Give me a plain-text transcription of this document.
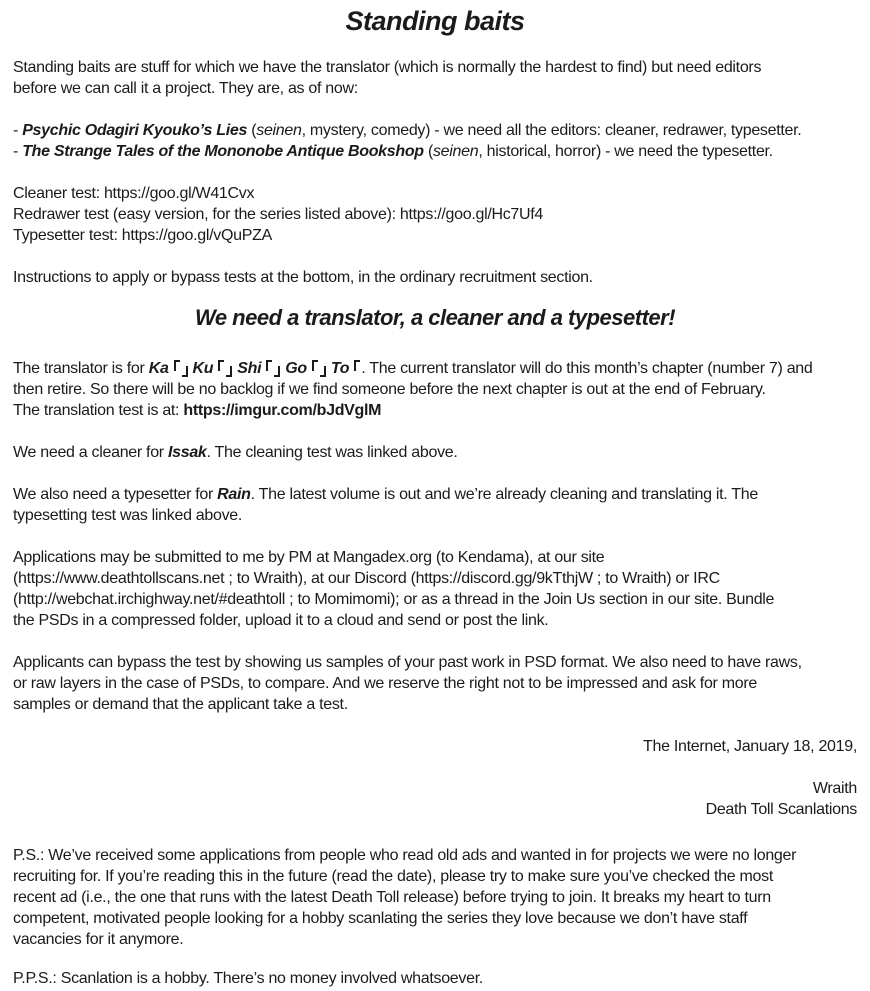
Standing baits
Standing baits are stuff for which we have the translator (which is normally the hardest to find) but need editors
before we can call it a project. They are, as of now:
- Psychic Odagiri Kyouko’s Lies (seinen, mystery, comedy) - we need all the editors: cleaner, redrawer, typesetter.
- The Strange Tales of the Mononobe Antique Bookshop (seinen, historical, horror) - we need the typesetter.
Cleaner test: https://goo.gl/W41Cvx
Redrawer test (easy version, for the series listed above): https://goo.gl/Hc7Uf4
Typesetter test: https://goo.gl/vQuPZA
Instructions to apply or bypass tests at the bottom, in the ordinary recruitment section.
We need a translator, a cleaner and a typesetter!
The translator is for Ka Ku Shi Go To . The current translator will do this month’s chapter (number 7) and
then retire. So there will be no backlog if we find someone before the next chapter is out at the end of February.
The translation test is at: https://imgur.com/bJdVglM
We need a cleaner for Issak. The cleaning test was linked above.
We also need a typesetter for Rain. The latest volume is out and we’re already cleaning and translating it. The
typesetting test was linked above.
Applications may be submitted to me by PM at Mangadex.org (to Kendama), at our site
(https://www.deathtollscans.net ; to Wraith), at our Discord (https://discord.gg/9kTthjW ; to Wraith) or IRC
(http://webchat.irchighway.net/#deathtoll ; to Momimomi); or as a thread in the Join Us section in our site. Bundle
the PSDs in a compressed folder, upload it to a cloud and send or post the link.
Applicants can bypass the test by showing us samples of your past work in PSD format. We also need to have raws,
or raw layers in the case of PSDs, to compare. And we reserve the right not to be impressed and ask for more
samples or demand that the applicant take a test.
The Internet, January 18, 2019,
Wraith
Death Toll Scanlations
P.S.: We’ve received some applications from people who read old ads and wanted in for projects we were no longer
recruiting for. If you’re reading this in the future (read the date), please try to make sure you’ve checked the most
recent ad (i.e., the one that runs with the latest Death Toll release) before trying to join. It breaks my heart to turn
competent, motivated people looking for a hobby scanlating the series they love because we don’t have staff
vacancies for it anymore.
P.P.S.: Scanlation is a hobby. There’s no money involved whatsoever.
